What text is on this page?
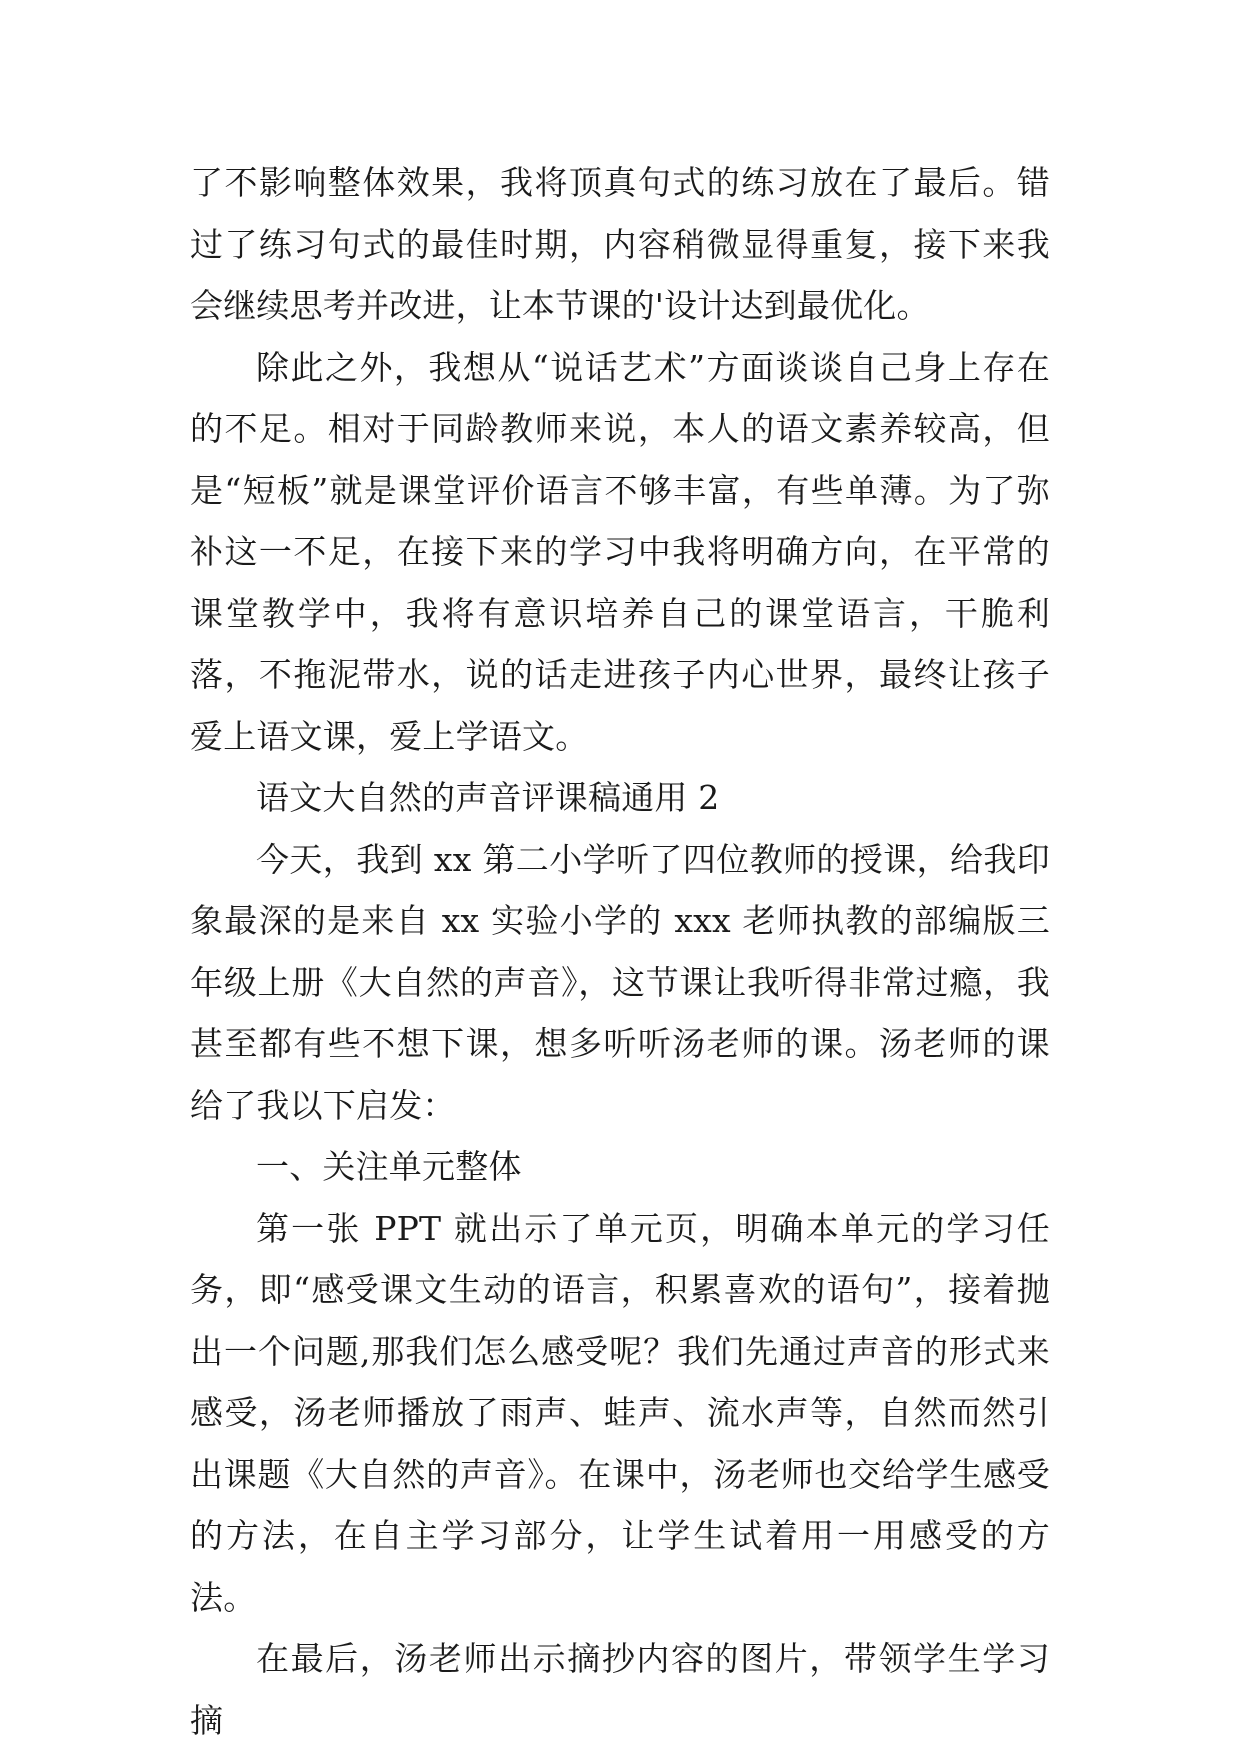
了不影响整体效果，我将顶真句式的练习放在了最后。错过了练习句式的最佳时期，内容稍微显得重复，接下来我会继续思考并改进，让本节课的'设计达到最优化。

除此之外，我想从“说话艺术”方面谈谈自己身上存在的不足。相对于同龄教师来说，本人的语文素养较高，但是“短板”就是课堂评价语言不够丰富，有些单薄。为了弥补这一不足，在接下来的学习中我将明确方向，在平常的课堂教学中，我将有意识培养自己的课堂语言，干脆利落，不拖泥带水，说的话走进孩子内心世界，最终让孩子爱上语文课，爱上学语文。

语文大自然的声音评课稿通用 2

今天，我到 xx 第二小学听了四位教师的授课，给我印象最深的是来自 xx 实验小学的 xxx 老师执教的部编版三年级上册《大自然的声音》，这节课让我听得非常过瘾，我甚至都有些不想下课，想多听听汤老师的课。汤老师的课给了我以下启发：

一、关注单元整体

第一张 PPT 就出示了单元页，明确本单元的学习任务，即“感受课文生动的语言，积累喜欢的语句”，接着抛出一个问题,那我们怎么感受呢？我们先通过声音的形式来感受，汤老师播放了雨声、蛙声、流水声等，自然而然引出课题《大自然的声音》。在课中，汤老师也交给学生感受的方法，在自主学习部分，让学生试着用一用感受的方法。

在最后，汤老师出示摘抄内容的图片，带领学生学习摘
